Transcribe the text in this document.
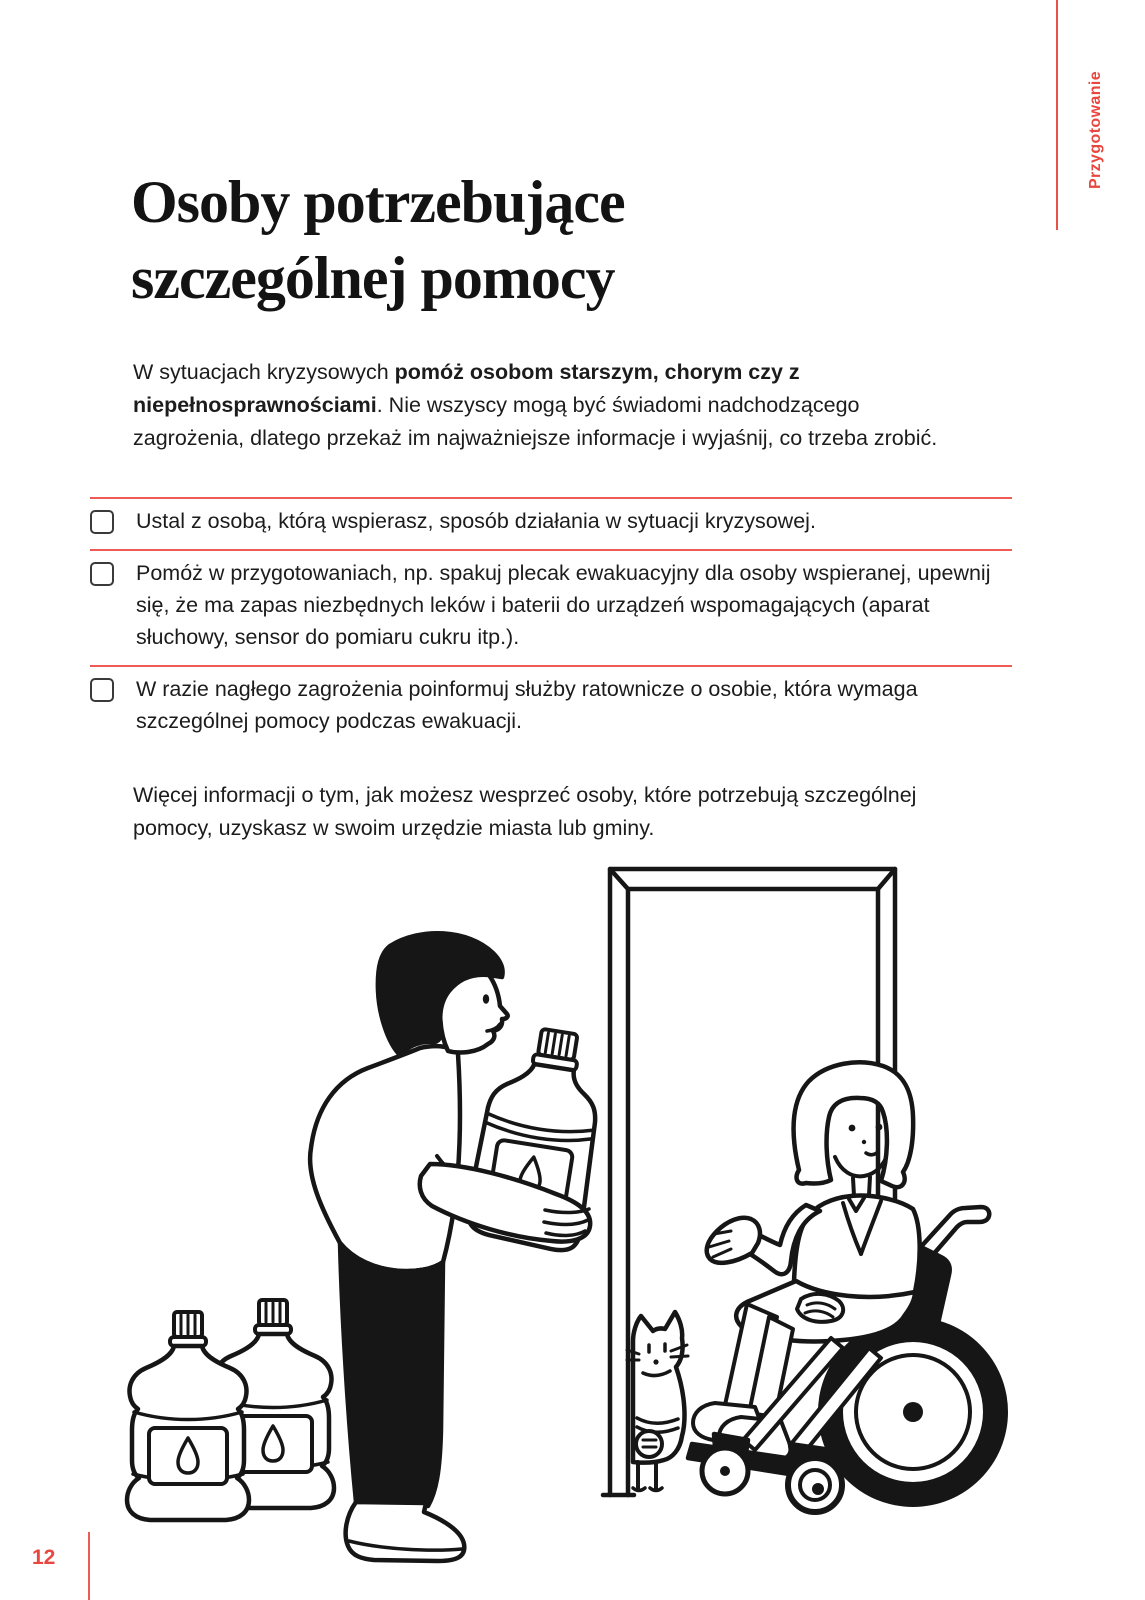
Przygotowanie
Osoby potrzebujące
szczególnej pomocy

W sytuacjach kryzysowych pomóż osobom starszym, chorym czy z niepełnosprawnościami. Nie wszyscy mogą być świadomi nadchodzącego zagrożenia, dlatego przekaż im najważniejsze informacje i wyjaśnij, co trzeba zrobić.

Ustal z osobą, którą wspierasz, sposób działania w sytuacji kryzysowej.
Pomóż w przygotowaniach, np. spakuj plecak ewakuacyjny dla osoby wspieranej, upewnij się, że ma zapas niezbędnych leków i baterii do urządzeń wspomagających (aparat słuchowy, sensor do pomiaru cukru itp.).
W razie nagłego zagrożenia poinformuj służby ratownicze o osobie, która wymaga szczególnej pomocy podczas ewakuacji.

Więcej informacji o tym, jak możesz wesprzeć osoby, które potrzebują szczególnej pomocy, uzyskasz w swoim urzędzie miasta lub gminy.

12
